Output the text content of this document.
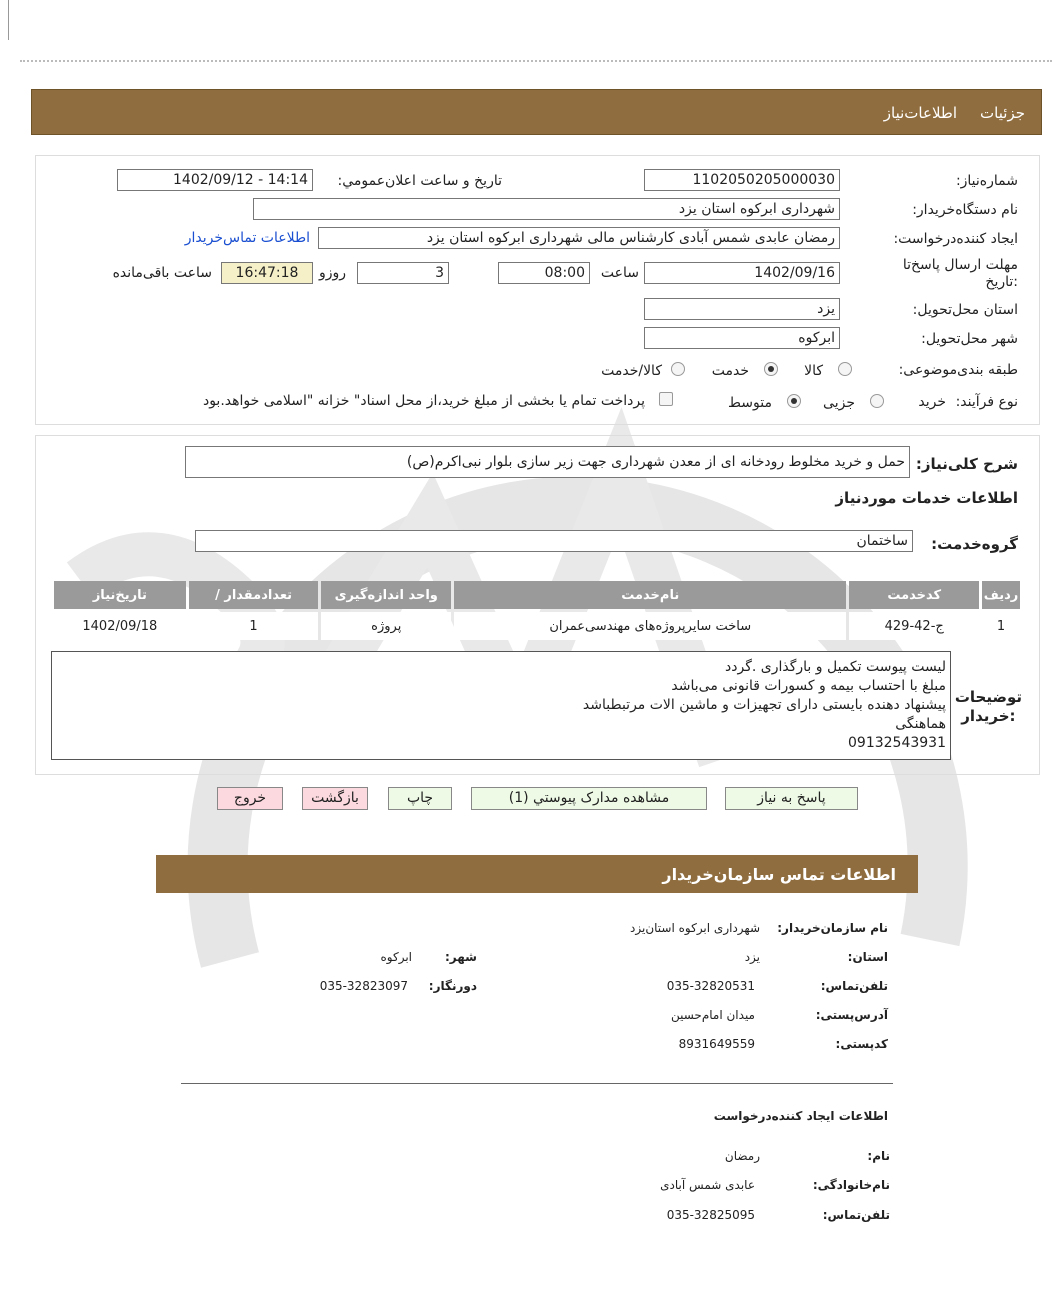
جزئيات
اطلاعات‌نیاز
شماره‌نیاز:
1102050205000030
تاریخ و ساعت اعلان‌عمومي:
1402/09/12 - 14:14
نام دستگاه‌خریدار:
شهرداری ابرکوه استان یزد
ایجاد کننده‌درخواست:
رمضان عابدی شمس آبادی کارشناس مالی شهرداری ابرکوه استان یزد
اطلاعات تماس‌خریدار
مهلت ارسال پاسخ‌تا
:تاریخ
1402/09/16
ساعت
08:00
3
روزو
16:47:18
ساعت باقی‌مانده
استان محل‌تحویل:
یزد
شهر محل‌تحویل:
ابرکوه
طبقه بندی‌موضوعی:
کالا
خدمت
کالا/خدمت
نوع فرآیند:
خرید
جزیی
متوسط
پرداخت تمام یا بخشی از مبلغ خرید،از محل اسناد" خزانه "اسلامی خواهد.بود
شرح کلی‌نیاز:
حمل و خرید مخلوط رودخانه ای از معدن شهرداری جهت زیر سازی بلوار نبی‌اکرم(ص)
اطلاعات خدمات موردنیاز
گروه‌خدمت:
ساختمان
ردیف	کدخدمت	نام‌خدمت	واحد اندازه‌گیری	تعدادمقدار /	تاریخ‌نیاز
1	ج-42-429	ساخت سایرپروژه‌های مهندسی‌عمران	پروژه	1	1402/09/18
توضیحات
:خریدار
لیست پیوست تکمیل و بارگذاری .گردد
مبلغ با احتساب بیمه و کسورات قانونی می‌باشد
پیشنهاد دهنده بایستی دارای تجهیزات و ماشین الات مرتبطباشد
هماهنگی
09132543931
پاسخ به نیاز
مشاهده مدارک پیوستي (1)
چاپ
بازگشت
خروج
اطلاعات تماس سازمان‌خریدار
نام سازمان‌خریدار:
شهرداری ابرکوه استان‌یزد
استان:
یزد
شهر:
ابرکوه
تلفن‌تماس:
035-32820531
دورنگار:
035-32823097
آدرس‌پستی:
میدان امام‌حسین
کدپستی:
8931649559
اطلاعات ایجاد کننده‌درخواست
نام:
رمضان
نام‌خانوادگی:
عابدی شمس آبادی
تلفن‌تماس:
035-32825095
